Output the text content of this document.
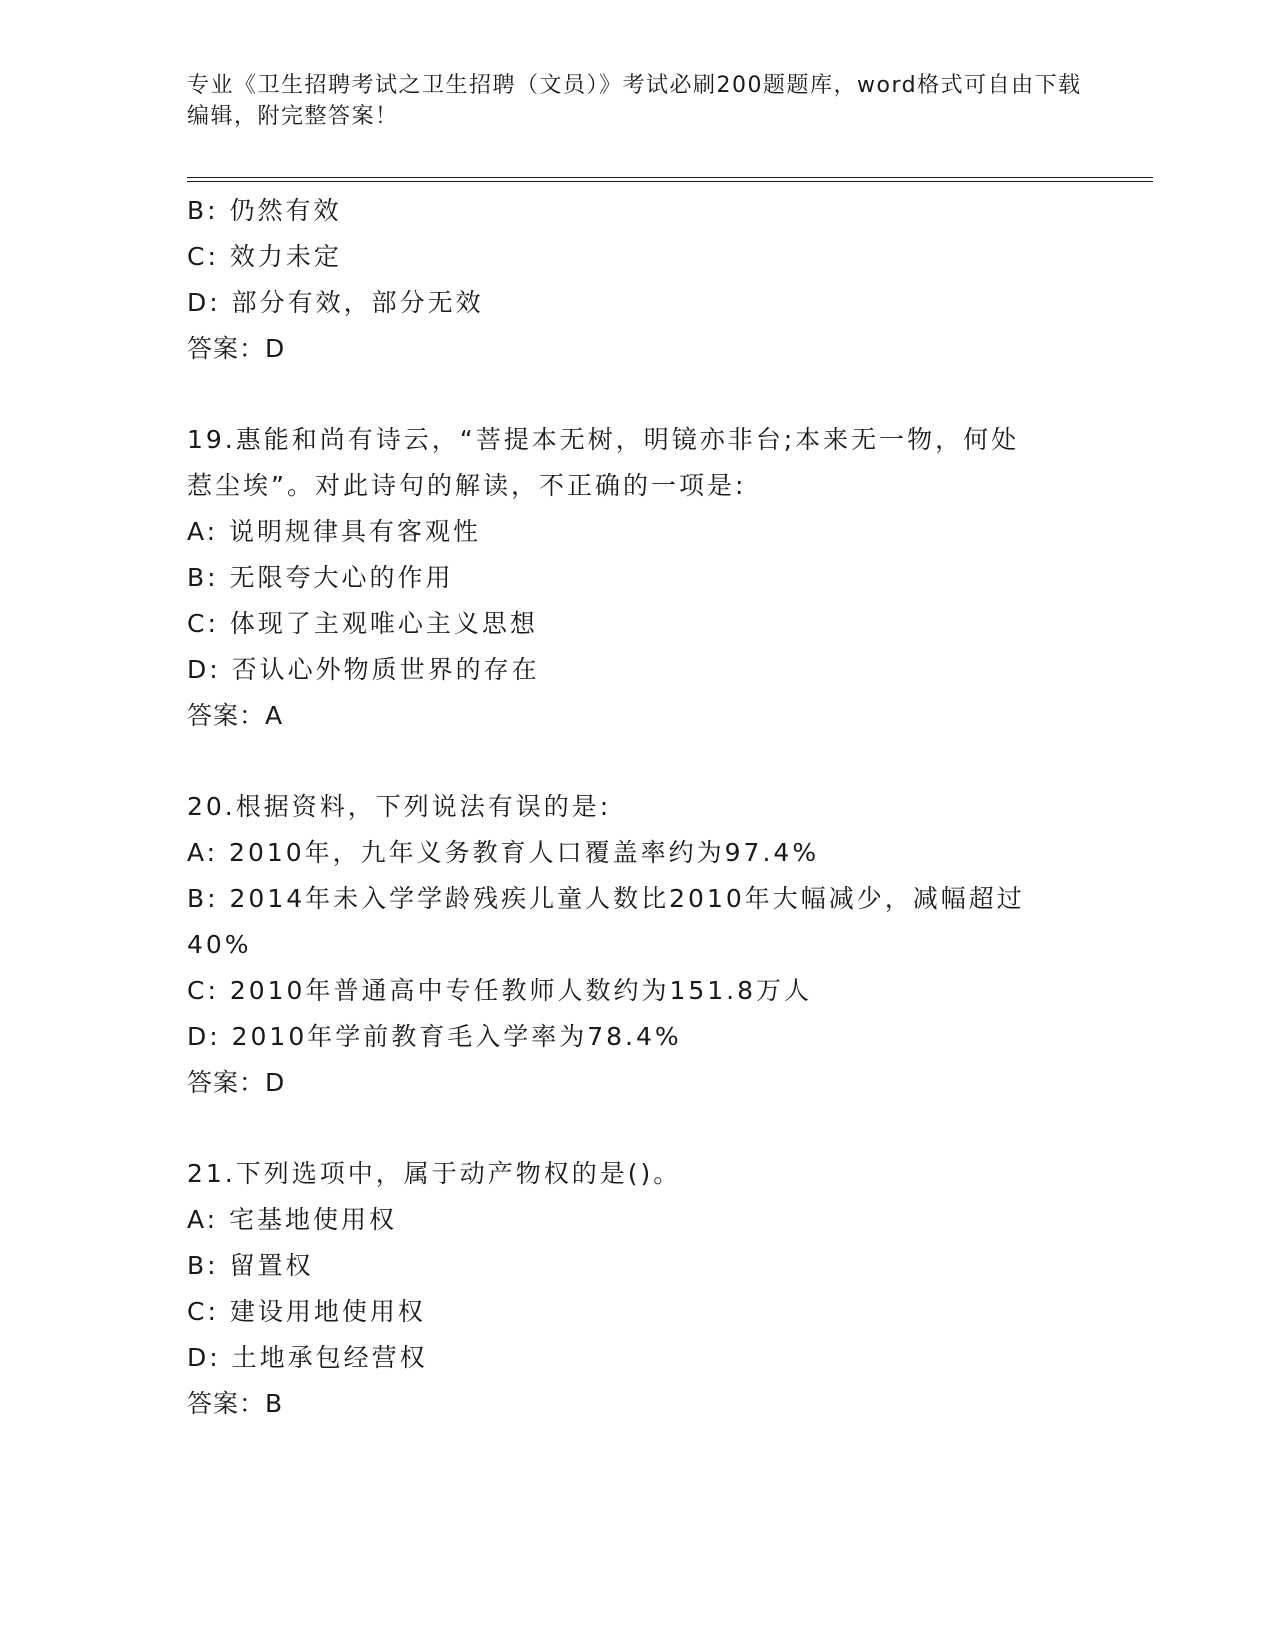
专业《卫生招聘考试之卫生招聘（文员）》考试必刷200题题库，word格式可自由下载编辑，附完整答案！
B: 仍然有效
C: 效力未定
D: 部分有效，部分无效
答案：D
19.惠能和尚有诗云，“菩提本无树，明镜亦非台;本来无一物，何处
惹尘埃”。对此诗句的解读，不正确的一项是:
A: 说明规律具有客观性
B: 无限夸大心的作用
C: 体现了主观唯心主义思想
D: 否认心外物质世界的存在
答案：A
20.根据资料，下列说法有误的是:
A: 2010年，九年义务教育人口覆盖率约为97.4%
B: 2014年未入学学龄残疾儿童人数比2010年大幅减少，减幅超过
40%
C: 2010年普通高中专任教师人数约为151.8万人
D: 2010年学前教育毛入学率为78.4%
答案：D
21.下列选项中，属于动产物权的是()。
A: 宅基地使用权
B: 留置权
C: 建设用地使用权
D: 土地承包经营权
答案：B
